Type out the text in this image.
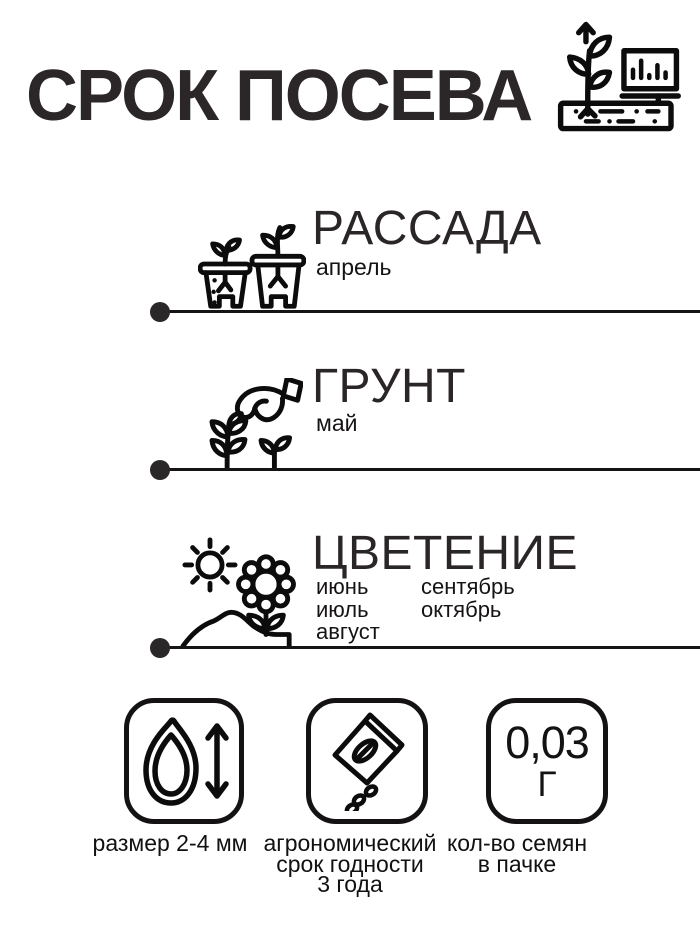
СРОК ПОСЕВА
РАССАДА
апрель
ГРУНТ
май
ЦВЕТЕНИЕ
июнь
июль
август
сентябрь
октябрь
0,03
Г
размер 2-4 мм агрономический
срок годности
3 года
кол-во семян
в пачке
